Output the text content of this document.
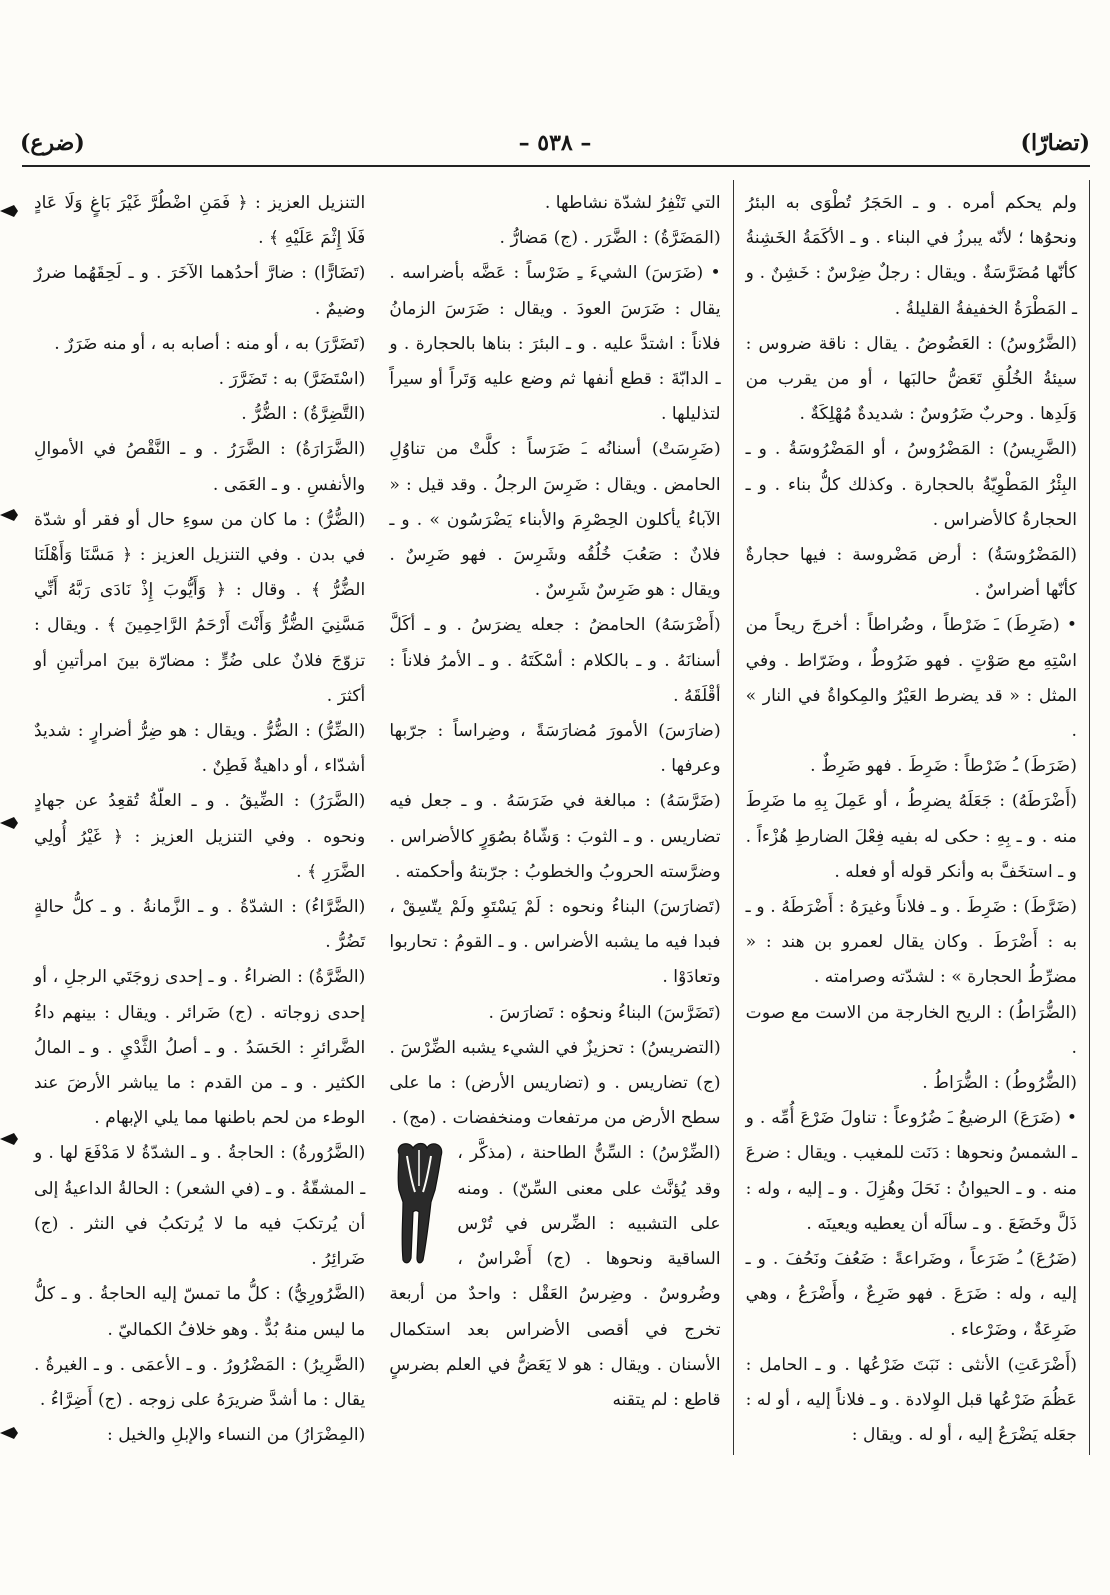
(تضارّا)
– ٥٣٨ –
(ضرع)

التنزيل العزيز : ﴿ فَمَنِ اضْطُرَّ غَيْرَ بَاغٍ وَلَا عَادٍ فَلَا إِثْمَ عَلَيْهِ ﴾ .

(تَضَارًّا) : ضارَّ أحدُهما الآخَرَ . و ـ لَحِقَهُما ضررٌ وضيمٌ .

(تَضَرَّرَ) به ، أو منه : أصابه به ، أو منه ضَرَرٌ .

(اسْتَضَرَّ) به : تَضَرَّرَ .

(التَّضِرَّةُ) : الضُّرُّ .

(الضَّرَارَةُ) : الضَّرَرُ . و ـ النَّقْصُ في الأموالِ والأنفسِ . و ـ العَمَى .

(الضُّرُّ) : ما كان من سوءِ حال أو فقر أو شدّة في بدن . وفي التنزيل العزيز : ﴿ مَسَّنَا وَأَهْلَنَا الضُّرُّ ﴾ . وقال : ﴿ وَأَيُّوبَ إِذْ نَادَى رَبَّهُ أَنِّي مَسَّنِيَ الضُّرُّ وَأَنْتَ أَرْحَمُ الرَّاحِمِينَ ﴾ . ويقال : تزوّجَ فلانٌ على ضُرٍّ : مضارّة بينَ امرأتينِ أو أكثرَ .

(الضِّرُّ) : الضُّرُّ . ويقال : هو ضِرُّ أضرارٍ : شديدٌ أشدّاء ، أو داهيةٌ فَطِنٌ .

(الضَّرَرُ) : الضِّيقُ . و ـ العلّةُ تُقعِدُ عن جهادٍ ونحوه . وفي التنزيل العزيز : ﴿ غَيْرُ أُولِي الضَّرَرِ ﴾ .

(الضَّرَّاءُ) : الشدّةُ . و ـ الزَّمانةُ . و ـ كلُّ حالةٍ تَضُرُّ .

(الضَّرَّةُ) : الضراءُ . و ـ إحدى زوجَتَي الرجلِ ، أو إحدى زوجاته . (ج) ضَرائر . ويقال : بينهم داءُ الضَّرائرِ : الحَسَدُ . و ـ أصلُ الثَّدْيِ . و ـ المالُ الكثير . و ـ من القدم : ما يباشر الأرضَ عند الوطء من لحم باطنها مما يلي الإبهام .

(الضَّرُورةُ) : الحاجةُ . و ـ الشدّةُ لا مَدْفَعَ لها . و ـ المشقّةُ . و ـ (في الشعر) : الحالةُ الداعيةُ إلى أن يُرتكبَ فيه ما لا يُرتكبُ في النثر . (ج) ضَرائِرُ .

(الضَّرُورِيُّ) : كلُّ ما تمسّ إليه الحاجةُ . و ـ كلُّ ما ليس منهُ بُدٌّ . وهو خلافُ الكماليّ .

(الضَّرِيرُ) : المَضْرُورُ . و ـ الأعمَى . و ـ الغيرةُ . يقال : ما أشدَّ ضريرَهُ على زوجه . (ج) أَضِرَّاءُ .

(المِضْرَارُ) من النساء والإبلِ والخيل :

التي تَنْفِرُ لشدّة نشاطها .

(المَضَرَّةُ) : الضَّرَر . (ج) مَضارُّ .

• (ضَرَسَ) الشيءَ ـِ ضَرْساً : عَضَّه بأضراسه . يقال : ضَرَسَ العودَ . ويقال : ضَرَسَ الزمانُ فلاناً : اشتدَّ عليه . و ـ البئرَ : بناها بالحجارة . و ـ الدابّةَ : قطع أنفها ثم وضع عليه وَتَراً أو سيراً لتذليلها .

(ضَرِسَتْ) أسنانُه ـَ ضَرَساً : كلَّتْ من تناوُلِ الحامض . ويقال : ضَرِسَ الرجلُ . وقد قيل : « الآباءُ يأكلون الحِصْرِمَ والأبناء يَضْرَسُون » . و ـ فلانٌ : صَعُبَ خُلُقُه وشَرِسَ . فهو ضَرِسٌ . ويقال : هو ضَرِسٌ شَرِسٌ .

(أَضْرَسَهُ) الحامضُ : جعله يضرَسُ . و ـ أكَلَّ أسنانَهُ . و ـ بالكلام : أسْكَتَهُ . و ـ الأمرُ فلاناً : أقْلَقَهُ .

(ضارَسَ) الأمورَ مُضارَسَةً ، وضِراساً : جرّبها وعرفها .

(ضَرَّسَهُ) : مبالغة في ضَرَسَهُ . و ـ جعل فيه تضاريس . و ـ الثوبَ : وَشّاهُ بصُوَرٍ كالأضراس . وضرَّسته الحروبُ والخطوبُ : جرّبتهُ وأحكمته .

(تَضارَسَ) البناءُ ونحوه : لَمْ يَسْتَوِ ولَمْ يتّسِقْ ، فبدا فيه ما يشبه الأضراس . و ـ القومُ : تحاربوا وتعادَوْا .

(تَضَرَّسَ) البناءُ ونحوُه : تَضارَسَ .

(التضريسُ) : تحزيزٌ في الشيء يشبه الضِّرْسَ . (ج) تضاريس . و (تضاريس الأرض) : ما على سطح الأرض من مرتفعات ومنخفضات . (مج) .

(الضِّرْسُ) : السِّنُّ الطاحنة ، (مذكَّر ، وقد يُؤنَّث على معنى السِّنّ) . ومنه على التشبيه : الضِّرس في تُرْس الساقية ونحوها . (ج) أَضْراسٌ ، وضُروسٌ . وضِرسُ العَقْل : واحدٌ من أربعة تخرج في أقصى الأضراس بعد استكمال الأسنان . ويقال : هو لا يَعَضُّ في العلم بضرسٍ قاطع : لم يتقنه

ولم يحكم أمره . و ـ الحَجَرُ تُطْوَى به البئرُ ونحوُها ؛ لأنّه يبرزُ في البناء . و ـ الأكَمَةُ الخَشِنةُ كأنّها مُضَرَّسَةٌ . ويقال : رجلٌ ضِرْسٌ : خَشِنٌ . و ـ المَطْرَةُ الخفيفةُ القليلةُ .

(الضَّرُوسُ) : العَضُوضُ . يقال : ناقة ضروس : سيئةُ الخُلُقِ تَعَضُّ حالبَها ، أو من يقرب من وَلَدِها . وحربٌ ضَرُوسٌ : شديدةٌ مُهْلِكَةٌ .

(الضَّرِيسُ) : المَضْرُوسُ ، أو المَضْرُوسَةُ . و ـ البِئْرُ المَطْوِيّةُ بالحجارة . وكذلك كلُّ بناء . و ـ الحجارةُ كالأضراس .

(المَضْرُوسَةُ) : أرض مَضْروسة : فيها حجارةٌ كأنّها أضراسٌ .

• (ضَرِطَ) ـَ ضَرْطاً ، وضُراطاً : أخرجَ ريحاً من اسْتِهِ مع صَوْتٍ . فهو ضَرُوطٌ ، وضَرّاط . وفي المثل : « قد يضرط العَيْرُ والمِكواةُ في النار » .

(ضَرَطَ) ـُ ضَرْطاً : ضَرِطَ . فهو ضَرِطٌ .

(أَضْرَطَهُ) : جَعَلَهُ يضرِطُ ، أو عَمِلَ بِهِ ما ضَرِطَ منه . و ـ بِهِ : حكى له بفيه فِعْلَ الضارطِ هُزْءاً . و ـ استخَفَّ به وأنكر قوله أو فعله .

(ضَرَّطَ) : ضَرِطَ . و ـ فلاناً وغيرَهُ : أَضْرَطَهُ . و ـ به : أَضْرَطَ . وكان يقال لعمرو بن هند : « مضرِّطُ الحجارة » : لشدّته وصرامته .

(الضُّرَاطُ) : الريح الخارجة من الاست مع صوت .

(الضُّرُوطُ) : الضُّرَاطُ .

• (ضَرَعَ) الرضيعُ ـَ ضُرُوعاً : تناولَ ضَرْعَ أُمِّه . و ـ الشمسُ ونحوها : دَنَت للمغيب . ويقال : ضرعَ منه . و ـ الحيوانُ : نَحَلَ وهُزِلَ . و ـ إليه ، وله : ذَلَّ وخَضَعَ . و ـ سألَه أن يعطيه ويعينَه .

(ضَرُعَ) ـُ ضَرَعاً ، وضَراعةً : ضَعُفَ ونَحُفَ . و ـ إليه ، وله : ضَرَعَ . فهو ضَرِعٌ ، وأَضْرَعُ ، وهي ضَرِعَةٌ ، وضَرْعاء .

(أَضْرَعَتِ) الأنثى : نَبَتَ ضَرْعُها . و ـ الحامل : عَظُمَ ضَرْعُها قبل الوِلادة . و ـ فلاناً إليه ، أو له : جعَله يَضْرَعُ إليه ، أو له . ويقال :
